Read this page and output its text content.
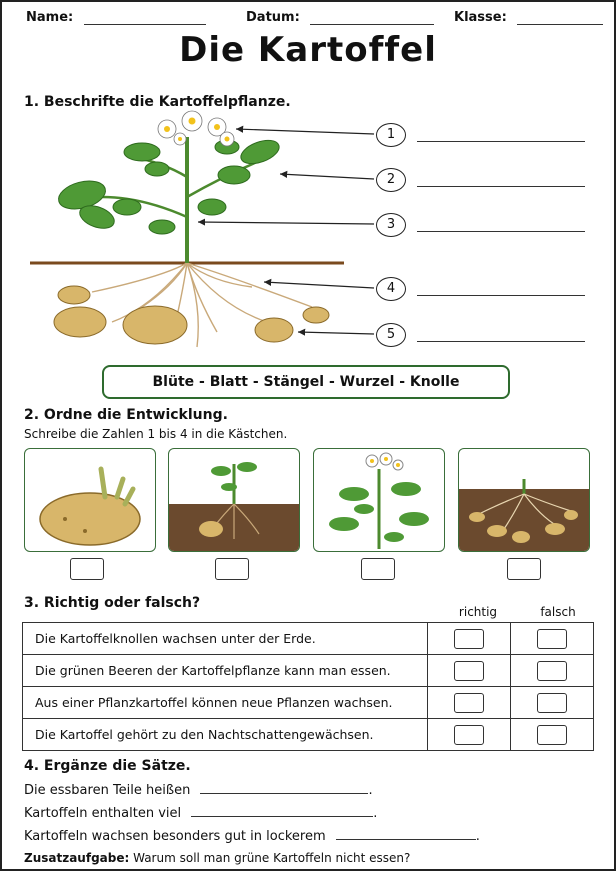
Name:	Datum:	Klasse:
Die Kartoffel
1. Beschrifte die Kartoffelpflanze.
1
2
3
4
5
Blüte - Blatt - Stängel - Wurzel - Knolle
2. Ordne die Entwicklung.
Schreibe die Zahlen 1 bis 4 in die Kästchen.
3. Richtig oder falsch?
richtig	falsch
Die Kartoffelknollen wachsen unter der Erde.		
Die grünen Beeren der Kartoffelpflanze kann man essen.		
Aus einer Pflanzkartoffel können neue Pflanzen wachsen.		
Die Kartoffel gehört zu den Nachtschattengewächsen.		
4. Ergänze die Sätze.
Die essbaren Teile heißen	.
Kartoffeln enthalten viel	.
Kartoffeln wachsen besonders gut in lockerem	.
Zusatzaufgabe: Warum soll man grüne Kartoffeln nicht essen?
